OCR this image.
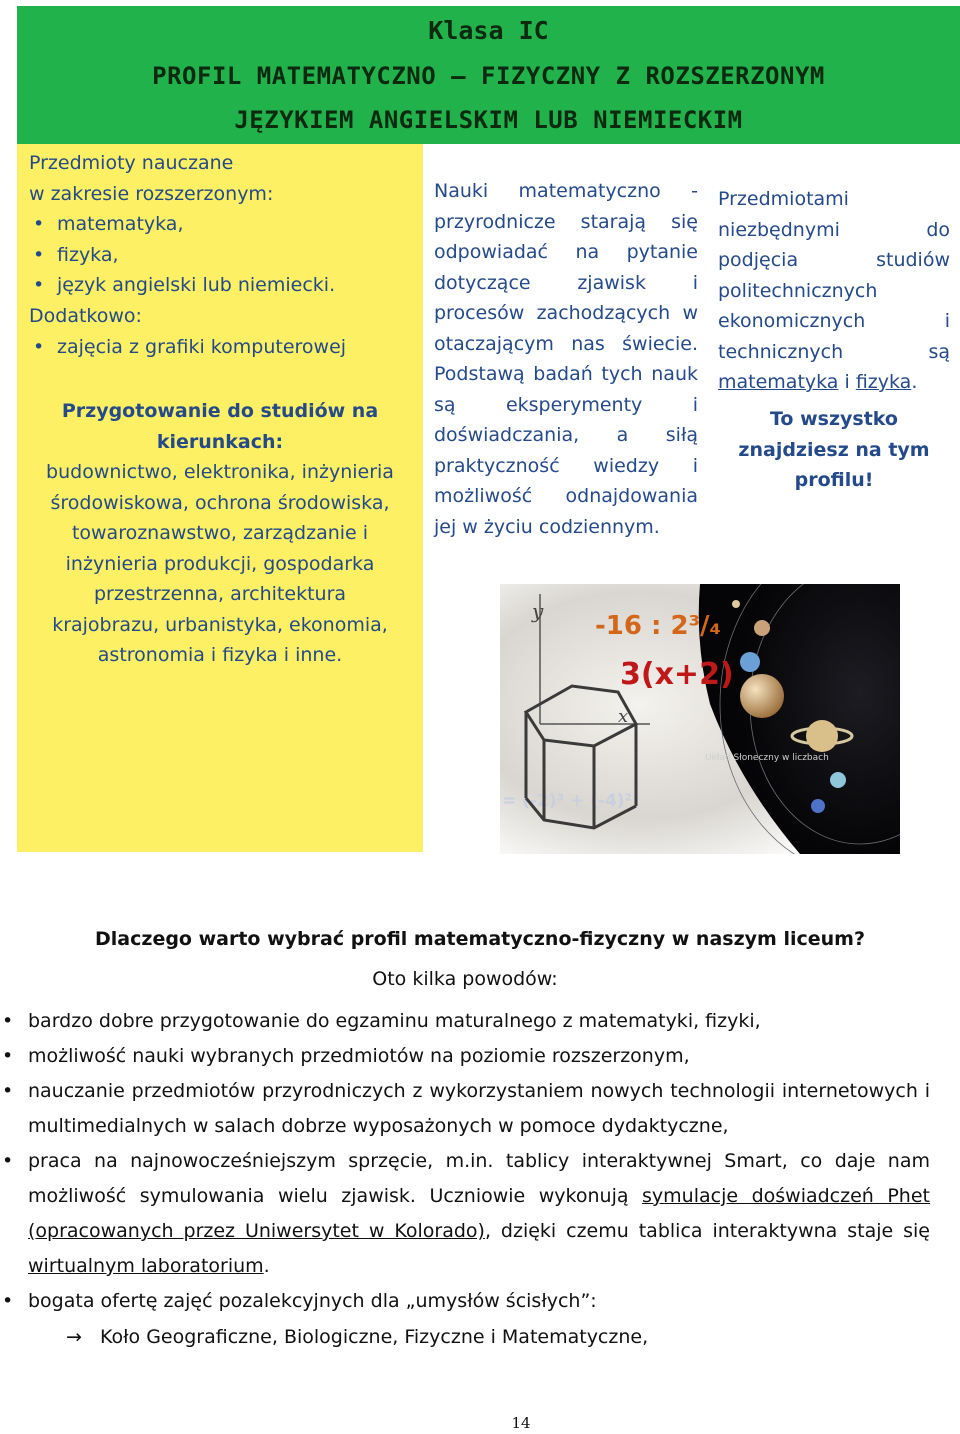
Klasa IC
PROFIL MATEMATYCZNO – FIZYCZNY Z ROZSZERZONYM
JĘZYKIEM ANGIELSKIM LUB NIEMIECKIM
Przedmioty nauczane
w zakresie rozszerzonym:
• matematyka,
• fizyka,
• język angielski lub niemiecki.
Dodatkowo:
• zajęcia z grafiki komputerowej
Przygotowanie do studiów na
kierunkach:
budownictwo, elektronika, inżynieria
środowiskowa, ochrona środowiska,
towaroznawstwo, zarządzanie i
inżynieria produkcji, gospodarka
przestrzenna, architektura
krajobrazu, urbanistyka, ekonomia,
astronomia i fizyka i inne.
Nauki matematyczno - przyrodnicze starają się odpowiadać na pytanie dotyczące zjawisk i procesów zachodzących w otaczającym nas świecie. Podstawą badań tych nauk są eksperymenty i doświadczania, a siłą praktyczność wiedzy i możliwość odnajdowania jej w życiu codziennym.
Przedmiotami niezbędnymi do podjęcia studiów politechnicznych ekonomicznych i technicznych są matematyka i fizyka.
To wszystko znajdziesz na tym profilu!
Układ Słoneczny w liczbach
y
x
-16 : 2³/₄
3(x+2)
= (-2)³ + (-4)²
Dlaczego warto wybrać profil matematyczno-fizyczny w naszym liceum?
Oto kilka powodów:
• bardzo dobre przygotowanie do egzaminu maturalnego z matematyki, fizyki,
• możliwość nauki wybranych przedmiotów na poziomie rozszerzonym,
• nauczanie przedmiotów przyrodniczych z wykorzystaniem nowych technologii internetowych i multimedialnych w salach dobrze wyposażonych w pomoce dydaktyczne,
• praca na najnowocześniejszym sprzęcie, m.in. tablicy interaktywnej Smart, co daje nam możliwość symulowania wielu zjawisk. Uczniowie wykonują symulacje doświadczeń Phet (opracowanych przez Uniwersytet w Kolorado), dzięki czemu tablica interaktywna staje się wirtualnym laboratorium.
• bogata ofertę zajęć pozalekcyjnych dla „umysłów ścisłych”:
→ Koło Geograficzne, Biologiczne, Fizyczne i Matematyczne,
14
